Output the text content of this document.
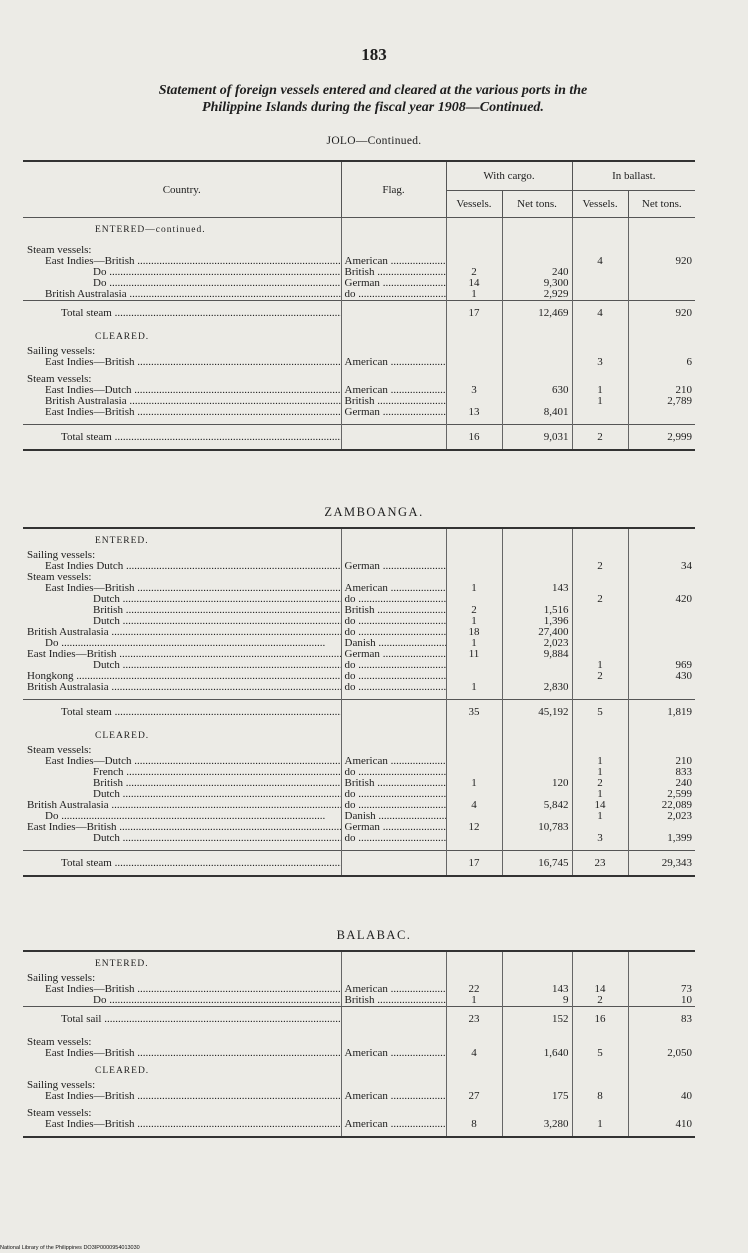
183
Statement of foreign vessels entered and cleared at the various ports in the
Philippine Islands during the fiscal year 1908—Continued.
JOLO—Continued.
Country.	Flag.	With cargo.		In ballast.	
		Vessels.	Net tons.	Vessels.	Net tons.
ENTERED—continued.					
Steam vessels:					
East Indies—British .....	American .....			4	920
Do .....	British .....	2	240		
Do .....	German .....	14	9,300		
British Australasia .....	do .....	1	2,929		
Total steam .....		17	12,469	4	920
CLEARED.					
Sailing vessels:					
East Indies—British .....	American .....			3	6
Steam vessels:					
East Indies—Dutch .....	American .....	3	630	1	210
British Australasia .....	British .....			1	2,789
East Indies—British .....	German .....	13	8,401		

Total steam .....		16	9,031	2	2,999
ZAMBOANGA.
ENTERED.					
Sailing vessels:					
East Indies Dutch .....	German .....			2	34
Steam vessels:					
East Indies—British .....	American .....	1	143		
Dutch .....	do .....			2	420
British .....	British .....	2	1,516		
Dutch .....	do .....	1	1,396		
British Australasia .....	do .....	18	27,400		
Do .....	Danish .....	1	2,023		
East Indies—British .....	German .....	11	9,884		
Dutch .....	do .....			1	969
Hongkong .....	do .....			2	430
British Australasia .....	do .....	1	2,830		

Total steam .....		35	45,192	5	1,819
CLEARED.					
Steam vessels:					
East Indies—Dutch .....	American .....			1	210
French .....	do .....			1	833
British .....	British .....	1	120	2	240
Dutch .....	do .....			1	2,599
British Australasia .....	do .....	4	5,842	14	22,089
Do .....	Danish .....			1	2,023
East Indies—British .....	German .....	12	10,783		
Dutch .....	do .....			3	1,399

Total steam .....		17	16,745	23	29,343
BALABAC.
ENTERED.					
Sailing vessels:					
East Indies—British .....	American .....	22	143	14	73
Do .....	British .....	1	9	2	10
Total sail .....		23	152	16	83
Steam vessels:					
East Indies—British .....	American .....	4	1,640	5	2,050
CLEARED.					
Sailing vessels:					
East Indies—British .....	American .....	27	175	8	40
Steam vessels:					
East Indies—British .....	American .....	8	3,280	1	410

National Library of the Philippines DO3IP0000954013030
